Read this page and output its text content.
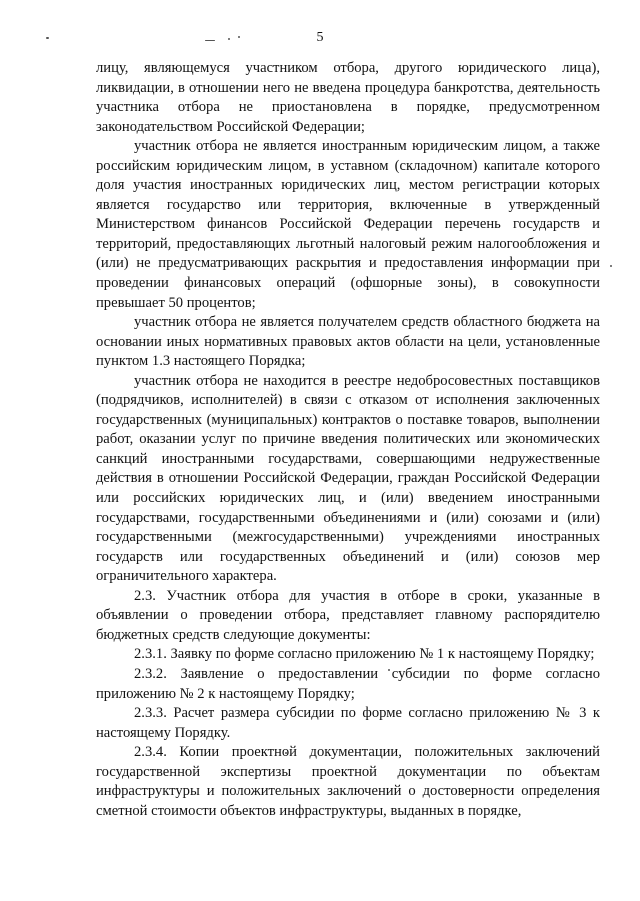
5

лицу, являющемуся участником отбора, другого юридического лица), ликвидации, в отношении него не введена процедура банкротства, деятельность участника отбора не приостановлена в порядке, предусмотренном законодательством Российской Федерации;

участник отбора не является иностранным юридическим лицом, а также российским юридическим лицом, в уставном (складочном) капитале которого доля участия иностранных юридических лиц, местом регистрации которых является государство или территория, включенные в утвержденный Министерством финансов Российской Федерации перечень государств и территорий, предоставляющих льготный налоговый режим налогообложения и (или) не предусматривающих раскрытия и предоставления информации при проведении финансовых операций (офшорные зоны), в совокупности превышает 50 процентов;

участник отбора не является получателем средств областного бюджета на основании иных нормативных правовых актов области на цели, установленные пунктом 1.3 настоящего Порядка;

участник отбора не находится в реестре недобросовестных поставщиков (подрядчиков, исполнителей) в связи с отказом от исполнения заключенных государственных (муниципальных) контрактов о поставке товаров, выполнении работ, оказании услуг по причине введения политических или экономических санкций иностранными государствами, совершающими недружественные действия в отношении Российской Федерации, граждан Российской Федерации или российских юридических лиц, и (или) введением иностранными государствами, государственными объединениями и (или) союзами и (или) государственными (межгосударственными) учреждениями иностранных государств или государственных объединений и (или) союзов мер ограничительного характера.

2.3. Участник отбора для участия в отборе в сроки, указанные в объявлении о проведении отбора, представляет главному распорядителю бюджетных средств следующие документы:

2.3.1. Заявку по форме согласно приложению № 1 к настоящему Порядку;

2.3.2. Заявление о предоставлении субсидии по форме согласно приложению № 2 к настоящему Порядку;

2.3.3. Расчет размера субсидии по форме согласно приложению № 3 к настоящему Порядку.

2.3.4. Копии проектной документации, положительных заключений государственной экспертизы проектной документации по объектам инфраструктуры и положительных заключений о достоверности определения сметной стоимости объектов инфраструктуры, выданных в порядке,
